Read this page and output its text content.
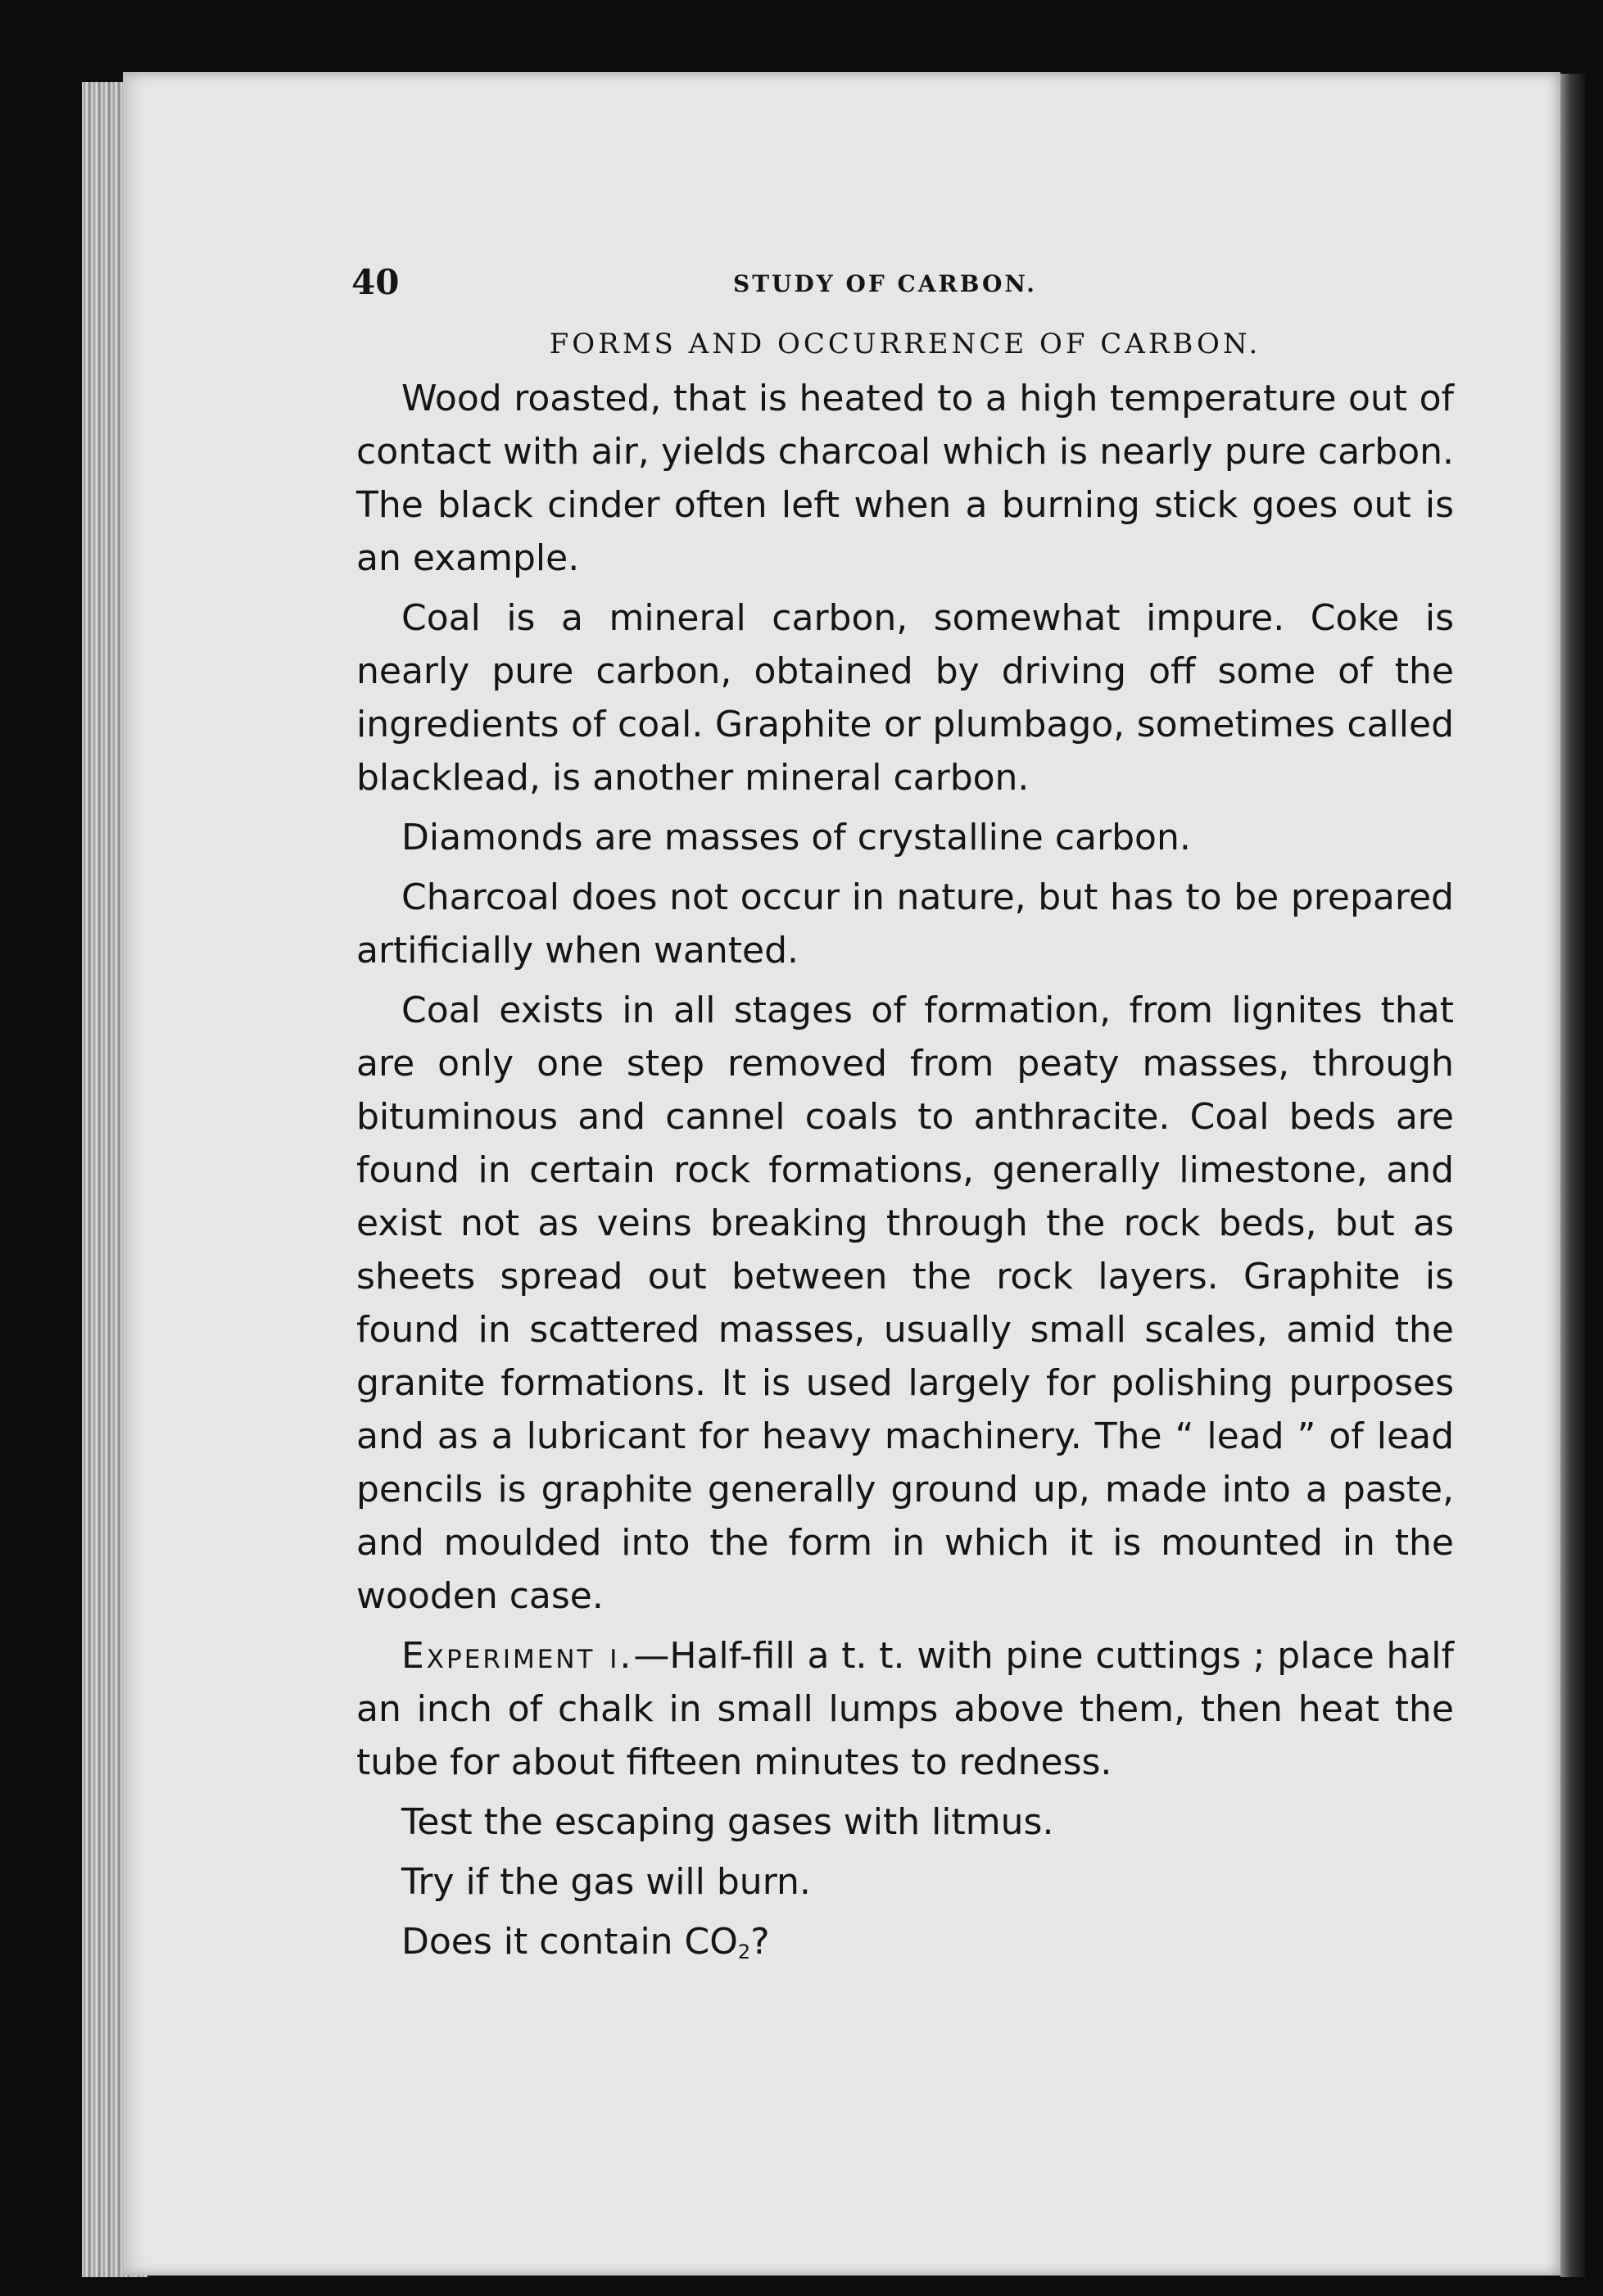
40	STUDY OF CARBON.
FORMS AND OCCURRENCE OF CARBON.

Wood roasted, that is heated to a high temperature out of contact with air, yields charcoal which is nearly pure carbon. The black cinder often left when a burning stick goes out is an example.

Coal is a mineral carbon, somewhat impure. Coke is nearly pure carbon, obtained by driving off some of the ingredients of coal. Graphite or plumbago, sometimes called blacklead, is another mineral carbon.

Diamonds are masses of crystalline carbon.

Charcoal does not occur in nature, but has to be prepared artificially when wanted.

Coal exists in all stages of formation, from lignites that are only one step removed from peaty masses, through bituminous and cannel coals to anthracite. Coal beds are found in certain rock formations, generally limestone, and exist not as veins breaking through the rock beds, but as sheets spread out between the rock layers. Graphite is found in scattered masses, usually small scales, amid the granite formations. It is used largely for polishing purposes and as a lubricant for heavy machinery. The “ lead ” of lead pencils is graphite generally ground up, made into a paste, and moulded into the form in which it is mounted in the wooden case.

Experiment i.—Half-fill a t. t. with pine cuttings ; place half an inch of chalk in small lumps above them, then heat the tube for about fifteen minutes to redness.

Test the escaping gases with litmus.

Try if the gas will burn.

Does it contain $CO_2$?
